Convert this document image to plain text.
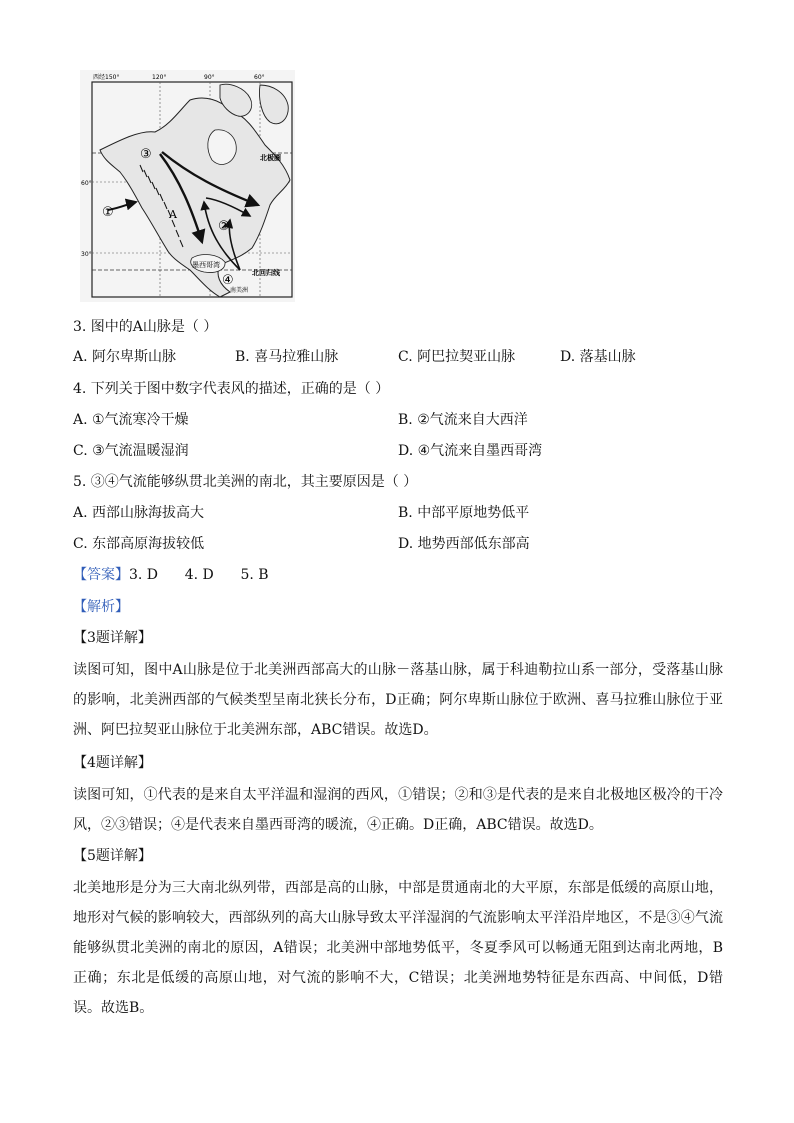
西经150°	120°	90°	60°
60°
30°
北极圈
北回归线
墨西哥湾
南美洲
A
①
②
③
④
3. 图中的A山脉是（ ）
A. 阿尔卑斯山脉	B. 喜马拉雅山脉	C. 阿巴拉契亚山脉	D. 落基山脉
4. 下列关于图中数字代表风的描述，正确的是（ ）
A. ①气流寒冷干燥	B. ②气流来自大西洋
C. ③气流温暖湿润	D. ④气流来自墨西哥湾
5. ③④气流能够纵贯北美洲的南北，其主要原因是（ ）
A. 西部山脉海拔高大	B. 中部平原地势低平
C. 东部高原海拔较低	D. 地势西部低东部高
【答案】3. D      4. D      5. B
【解析】
【3题详解】
读图可知，图中A山脉是位于北美洲西部高大的山脉－落基山脉，属于科迪勒拉山系一部分，受落基山脉
的影响，北美洲西部的气候类型呈南北狭长分布，D正确；阿尔卑斯山脉位于欧洲、喜马拉雅山脉位于亚
洲、阿巴拉契亚山脉位于北美洲东部，ABC错误。故选D。
【4题详解】
读图可知，①代表的是来自太平洋温和湿润的西风，①错误；②和③是代表的是来自北极地区极冷的干冷
风，②③错误；④是代表来自墨西哥湾的暖流，④正确。D正确，ABC错误。故选D。
【5题详解】
北美地形是分为三大南北纵列带，西部是高的山脉，中部是贯通南北的大平原，东部是低缓的高原山地，
地形对气候的影响较大，西部纵列的高大山脉导致太平洋湿润的气流影响太平洋沿岸地区，不是③④气流
能够纵贯北美洲的南北的原因，A错误；北美洲中部地势低平，冬夏季风可以畅通无阻到达南北两地，B
正确；东北是低缓的高原山地，对气流的影响不大，C错误；北美洲地势特征是东西高、中间低，D错
误。故选B。
